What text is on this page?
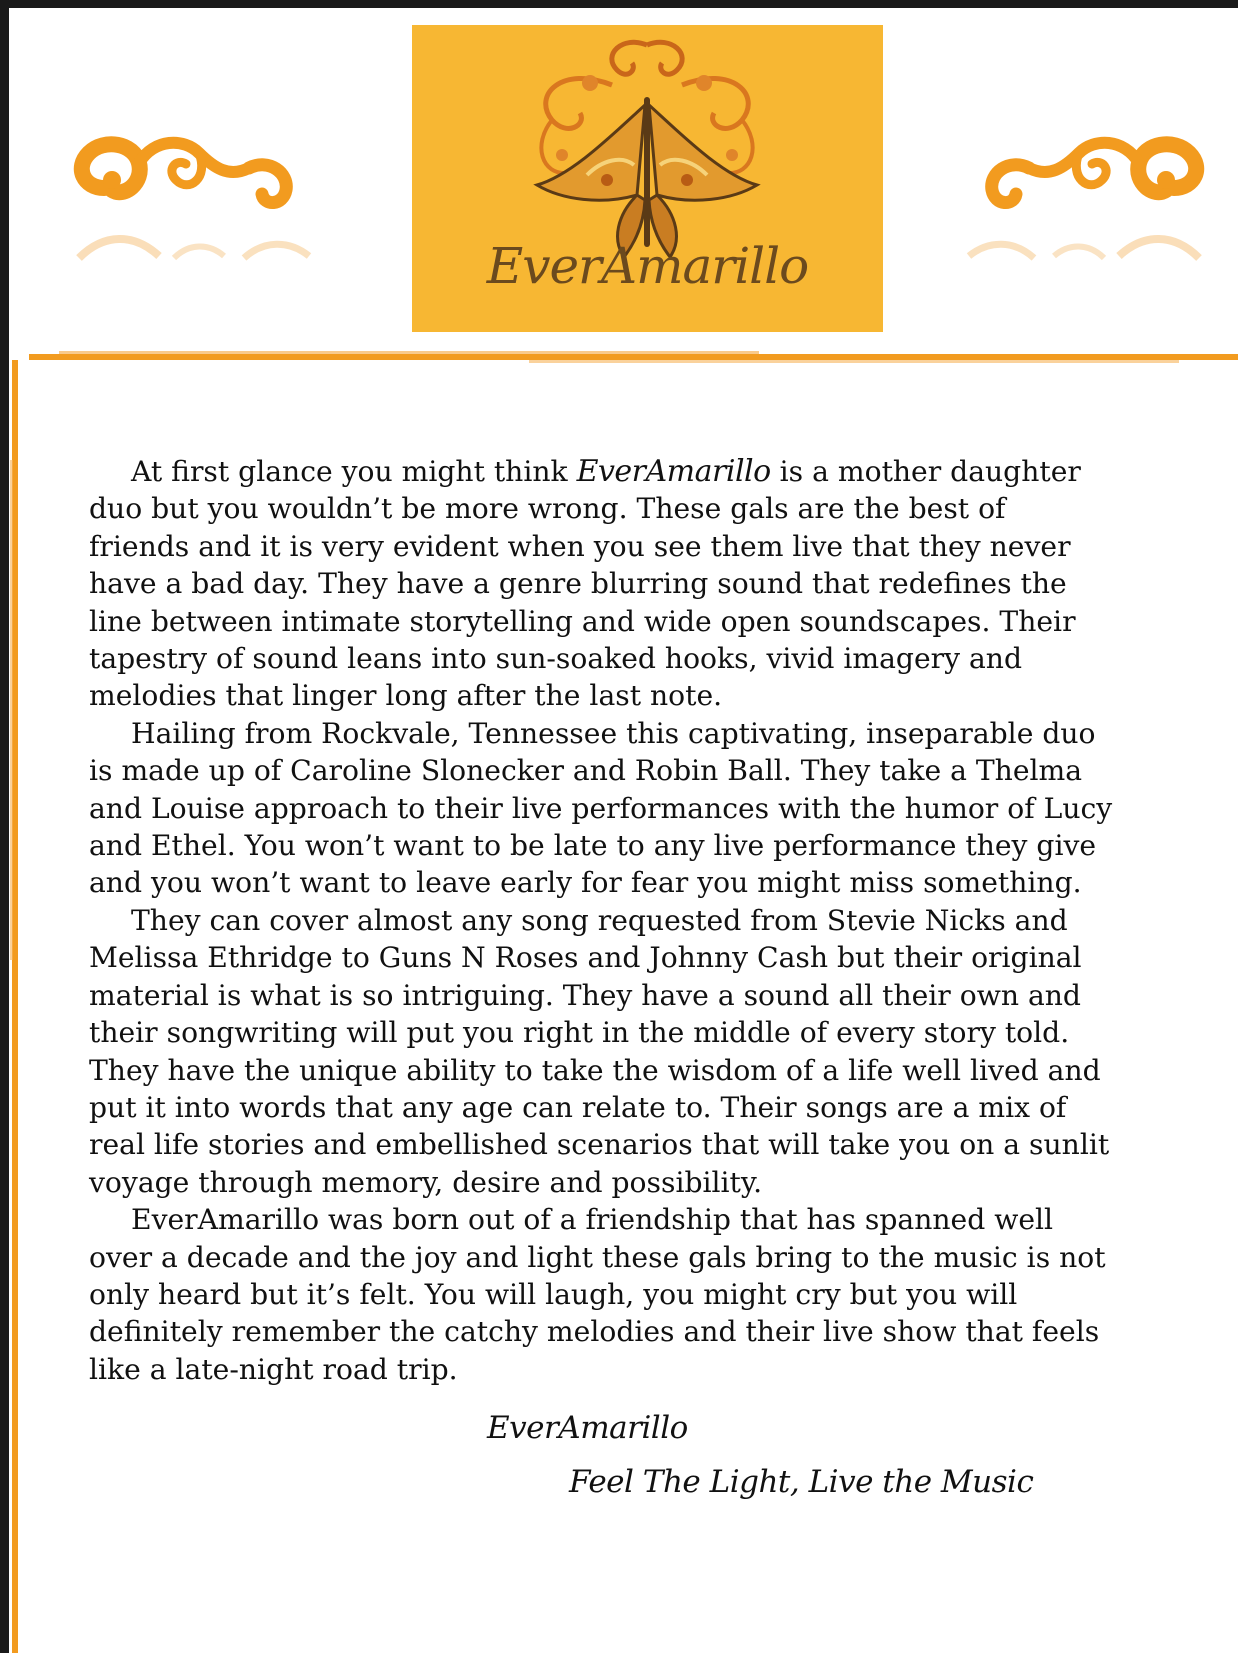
EverAmarillo

At first glance you might think EverAmarillo is a mother daughter
duo but you wouldn’t be more wrong. These gals are the best of
friends and it is very evident when you see them live that they never
have a bad day. They have a genre blurring sound that redefines the
line between intimate storytelling and wide open soundscapes. Their
tapestry of sound leans into sun-soaked hooks, vivid imagery and
melodies that linger long after the last note.

Hailing from Rockvale, Tennessee this captivating, inseparable duo
is made up of Caroline Slonecker and Robin Ball. They take a Thelma
and Louise approach to their live performances with the humor of Lucy
and Ethel. You won’t want to be late to any live performance they give
and you won’t want to leave early for fear you might miss something.

They can cover almost any song requested from Stevie Nicks and
Melissa Ethridge to Guns N Roses and Johnny Cash but their original
material is what is so intriguing. They have a sound all their own and
their songwriting will put you right in the middle of every story told.
They have the unique ability to take the wisdom of a life well lived and
put it into words that any age can relate to. Their songs are a mix of
real life stories and embellished scenarios that will take you on a sunlit
voyage through memory, desire and possibility.

EverAmarillo was born out of a friendship that has spanned well
over a decade and the joy and light these gals bring to the music is not
only heard but it’s felt. You will laugh, you might cry but you will
definitely remember the catchy melodies and their live show that feels
like a late-night road trip.

EverAmarillo
Feel The Light, Live the Music
